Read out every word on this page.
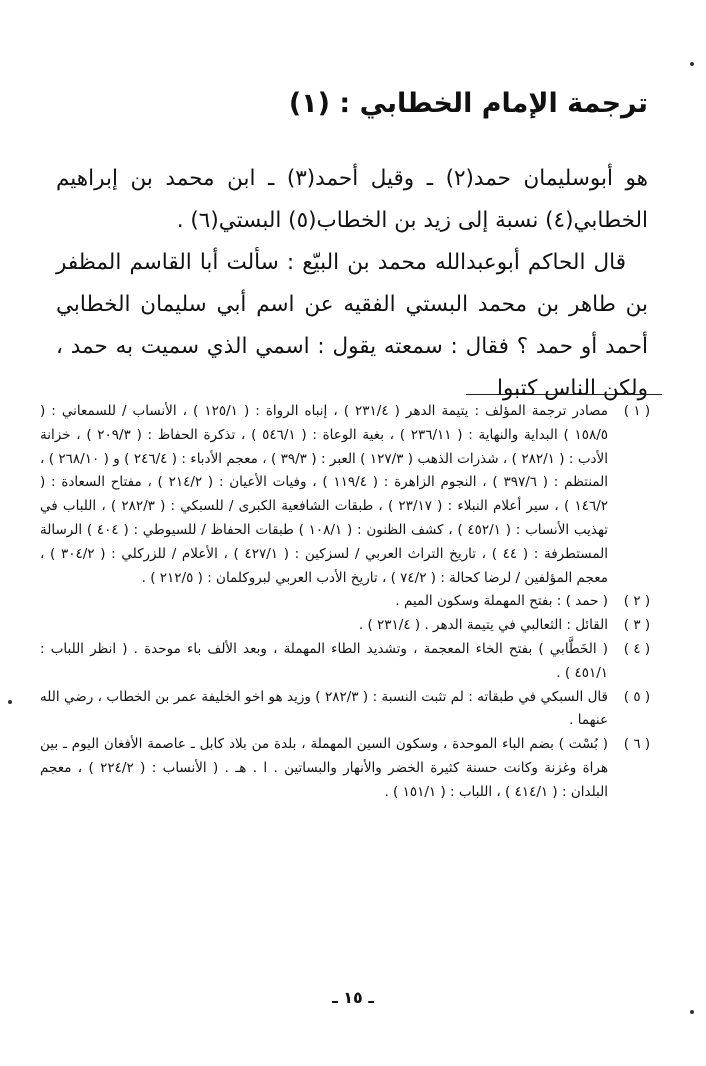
ترجمة الإمام الخطابي : (١)

هو أبوسليمان حمد(٢) ـ وقيل أحمد(٣) ـ ابن محمد بن إبراهيم الخطابي(٤) نسبة إلى زيد بن الخطاب(٥) البستي(٦) .

قال الحاكم أبوعبدالله محمد بن البيّع : سألت أبا القاسم المظفر بن طاهر بن محمد البستي الفقيه عن اسم أبي سليمان الخطابي أحمد أو حمد ؟ فقال : سمعته يقول : اسمي الذي سميت به حمد ، ولكن الناس كتبوا

( ١ )
مصادر ترجمة المؤلف : يتيمة الدهر ( ٢٣١/٤ ) ، إنباه الرواة : ( ١٢٥/١ ) ، الأنساب / للسمعاني : ( ١٥٨/٥ ) البداية والنهاية : ( ٢٣٦/١١ ) ، بغية الوعاة : ( ٥٤٦/١ ) ، تذكرة الحفاظ : ( ٢٠٩/٣ ) ، خزانة الأدب : ( ٢٨٢/١ ) ، شذرات الذهب ( ١٢٧/٣ ) العبر : ( ٣٩/٣ ) ، معجم الأدباء : ( ٢٤٦/٤ ) و ( ٢٦٨/١٠ ) ، المنتظم : ( ٣٩٧/٦ ) ، النجوم الزاهرة : ( ١١٩/٤ ) ، وفيات الأعيان : ( ٢١٤/٢ ) ، مفتاح السعادة : ( ١٤٦/٢ ) ، سير أعلام النبلاء : ( ٢٣/١٧ ) ، طبقات الشافعية الكبرى / للسبكي : ( ٢٨٢/٣ ) ، اللباب في تهذيب الأنساب : ( ٤٥٢/١ ) ، كشف الظنون : ( ١٠٨/١ ) طبقات الحفاظ / للسيوطي : ( ٤٠٤ ) الرسالة المستطرفة : ( ٤٤ ) ، تاريخ التراث العربي / لسزكين : ( ٤٢٧/١ ) ، الأعلام / للزركلي : ( ٣٠٤/٢ ) ، معجم المؤلفين / لرضا كحالة : ( ٧٤/٢ ) ، تاريخ الأدب العربي لبروكلمان : ( ٢١٢/٥ ) .
( ٢ )
( حمد ) : بفتح المهملة وسكون الميم .
( ٣ )
القائل : الثعالبي في يتيمة الدهر . ( ٢٣١/٤ ) .
( ٤ )
( الخَطَّابي ) بفتح الخاء المعجمة ، وتشديد الطاء المهملة ، وبعد الألف باء موحدة . ( انظر اللباب : ٤٥١/١ ) .
( ٥ )
قال السبكي في طبقاته : لم تثبت النسبة : ( ٢٨٢/٣ ) وزيد هو اخو الخليفة عمر بن الخطاب ، رضي الله عنهما .
( ٦ )
( بُسْت ) بضم الباء الموحدة ، وسكون السين المهملة ، بلدة من بلاد كابل ـ عاصمة الأفغان اليوم ـ بين هراة وغزنة وكانت حسنة كثيرة الخضر والأنهار والبساتين . ا . هـ . ( الأنساب : ( ٢٢٤/٢ ) ، معجم البلدان : ( ٤١٤/١ ) ، اللباب : ( ١٥١/١ ) .
ـ ١٥ ـ
